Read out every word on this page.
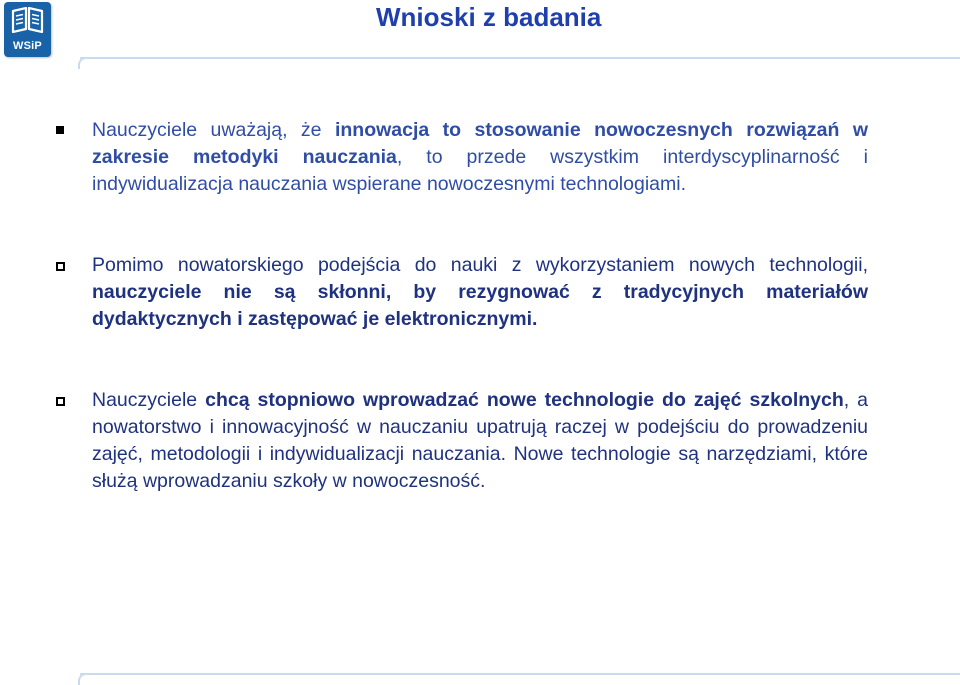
WSiP
Wnioski z badania
Nauczyciele uważają, że innowacja to stosowanie nowoczesnych rozwiązań w zakresie metodyki nauczania, to przede wszystkim interdyscyplinarność i indywidualizacja nauczania wspierane nowoczesnymi technologiami.
Pomimo nowatorskiego podejścia do nauki z wykorzystaniem nowych technologii, nauczyciele nie są skłonni, by rezygnować z tradycyjnych materiałów dydaktycznych i zastępować je elektronicznymi.
Nauczyciele chcą stopniowo wprowadzać nowe technologie do zajęć szkolnych, a nowatorstwo i innowacyjność w nauczaniu upatrują raczej w podejściu do prowadzeniu zajęć, metodologii i indywidualizacji nauczania. Nowe technologie są narzędziami, które służą wprowadzaniu szkoły w nowoczesność.
